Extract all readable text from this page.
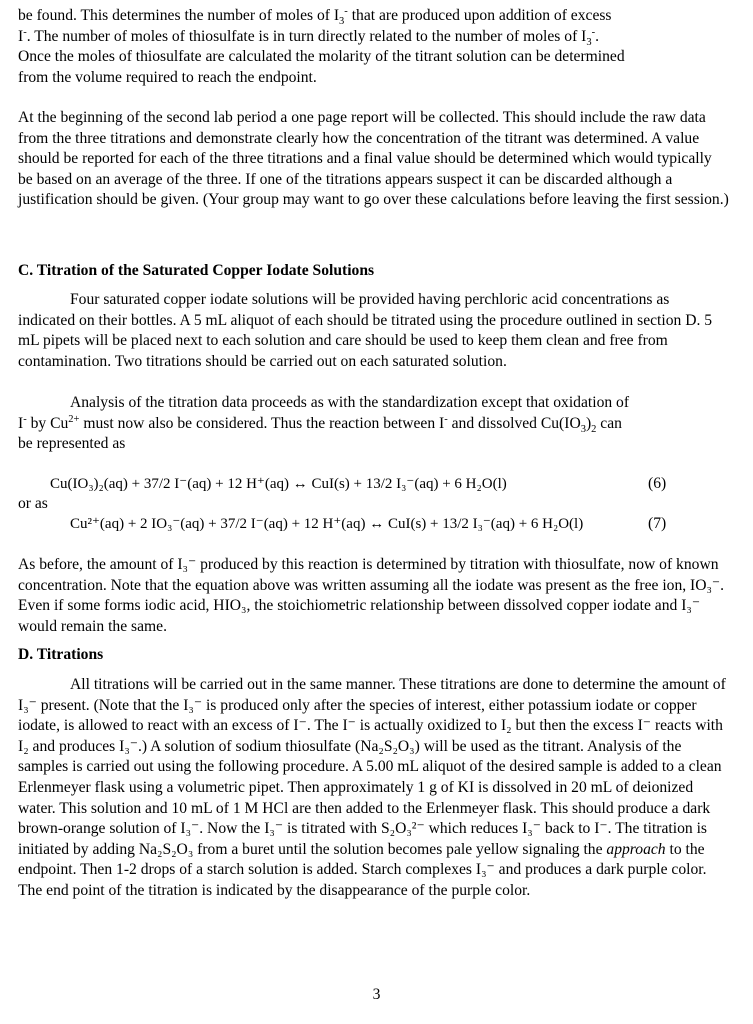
be found. This determines the number of moles of $I_3^-$ that are produced upon addition of excess
I-. The number of moles of thiosulfate is in turn directly related to the number of moles of $I_3^-$.
Once the moles of thiosulfate are calculated the molarity of the titrant solution can be determined
from the volume required to reach the endpoint.

At the beginning of the second lab period a one page report will be collected. This should include the raw data from the three titrations and demonstrate clearly how the concentration of the titrant was determined. A value should be reported for each of the three titrations and a final value should be determined which would typically be based on an average of the three. If one of the titrations appears suspect it can be discarded although a justification should be given. (Your group may want to go over these calculations before leaving the first session.)

C. Titration of the Saturated Copper Iodate Solutions

Four saturated copper iodate solutions will be provided having perchloric acid concentrations as indicated on their bottles. A 5 mL aliquot of each should be titrated using the procedure outlined in section D. 5 mL pipets will be placed next to each solution and care should be used to keep them clean and free from contamination. Two titrations should be carried out on each saturated solution.

Analysis of the titration data proceeds as with the standardization except that oxidation of
I- by $Cu^{2+}$ must now also be considered. Thus the reaction between I- and dissolved $Cu(IO_3)_2$ can
be represented as

Cu(IO₃)₂(aq) + 37/2 I⁻(aq) + 12 H⁺(aq) ↔ CuI(s) + 13/2 I₃⁻(aq) + 6 H₂O(l)	(6)
or as
Cu²⁺(aq) + 2 IO₃⁻(aq) + 37/2 I⁻(aq) + 12 H⁺(aq) ↔ CuI(s) + 13/2 I₃⁻(aq) + 6 H₂O(l)	(7)

As before, the amount of I₃⁻ produced by this reaction is determined by titration with thiosulfate, now of known concentration. Note that the equation above was written assuming all the iodate was present as the free ion, IO₃⁻. Even if some forms iodic acid, HIO₃, the stoichiometric relationship between dissolved copper iodate and I₃⁻ would remain the same.

D. Titrations

All titrations will be carried out in the same manner. These titrations are done to determine the amount of I₃⁻ present. (Note that the I₃⁻ is produced only after the species of interest, either potassium iodate or copper iodate, is allowed to react with an excess of I⁻. The I⁻ is actually oxidized to I₂ but then the excess I⁻ reacts with I₂ and produces I₃⁻.) A solution of sodium thiosulfate (Na₂S₂O₃) will be used as the titrant. Analysis of the samples is carried out using the following procedure. A 5.00 mL aliquot of the desired sample is added to a clean Erlenmeyer flask using a volumetric pipet. Then approximately 1 g of KI is dissolved in 20 mL of deionized water. This solution and 10 mL of 1 M HCl are then added to the Erlenmeyer flask. This should produce a dark brown-orange solution of I₃⁻. Now the I₃⁻ is titrated with S₂O₃²⁻ which reduces I₃⁻ back to I⁻. The titration is initiated by adding Na₂S₂O₃ from a buret until the solution becomes pale yellow signaling the approach to the endpoint. Then 1-2 drops of a starch solution is added. Starch complexes I₃⁻ and produces a dark purple color. The end point of the titration is indicated by the disappearance of the purple color.

3
